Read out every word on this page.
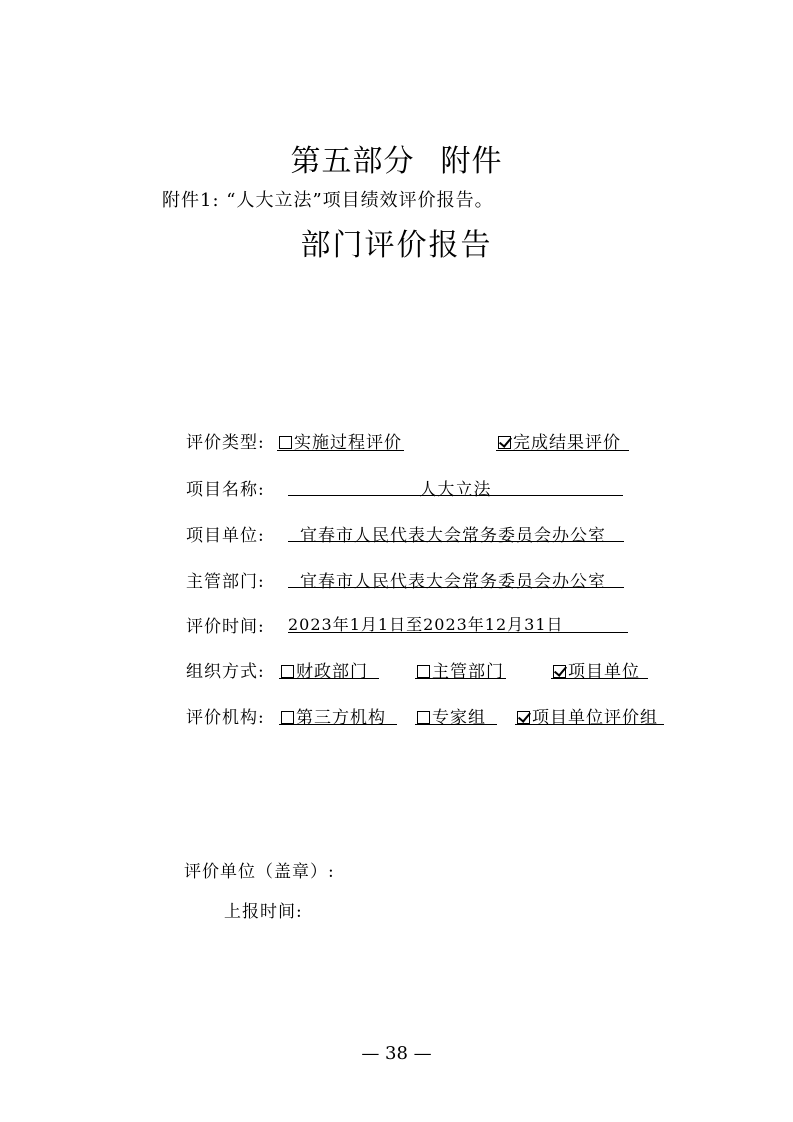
第五部分 附件
附件1: “人大立法”项目绩效评价报告。
部门评价报告
评价类型:	实施过程评价	完成结果评价
项目名称:	人大立法
项目单位: 宜春市人民代表大会常务委员会办公室
主管部门: 宜春市人民代表大会常务委员会办公室
评价时间: 2023年1月1日至2023年12月31日
组织方式:	财政部门	主管部门	项目单位
评价机构:	第三方机构	专家组	项目单位评价组
评价单位（盖章）:
上报时间:
— 38 —
